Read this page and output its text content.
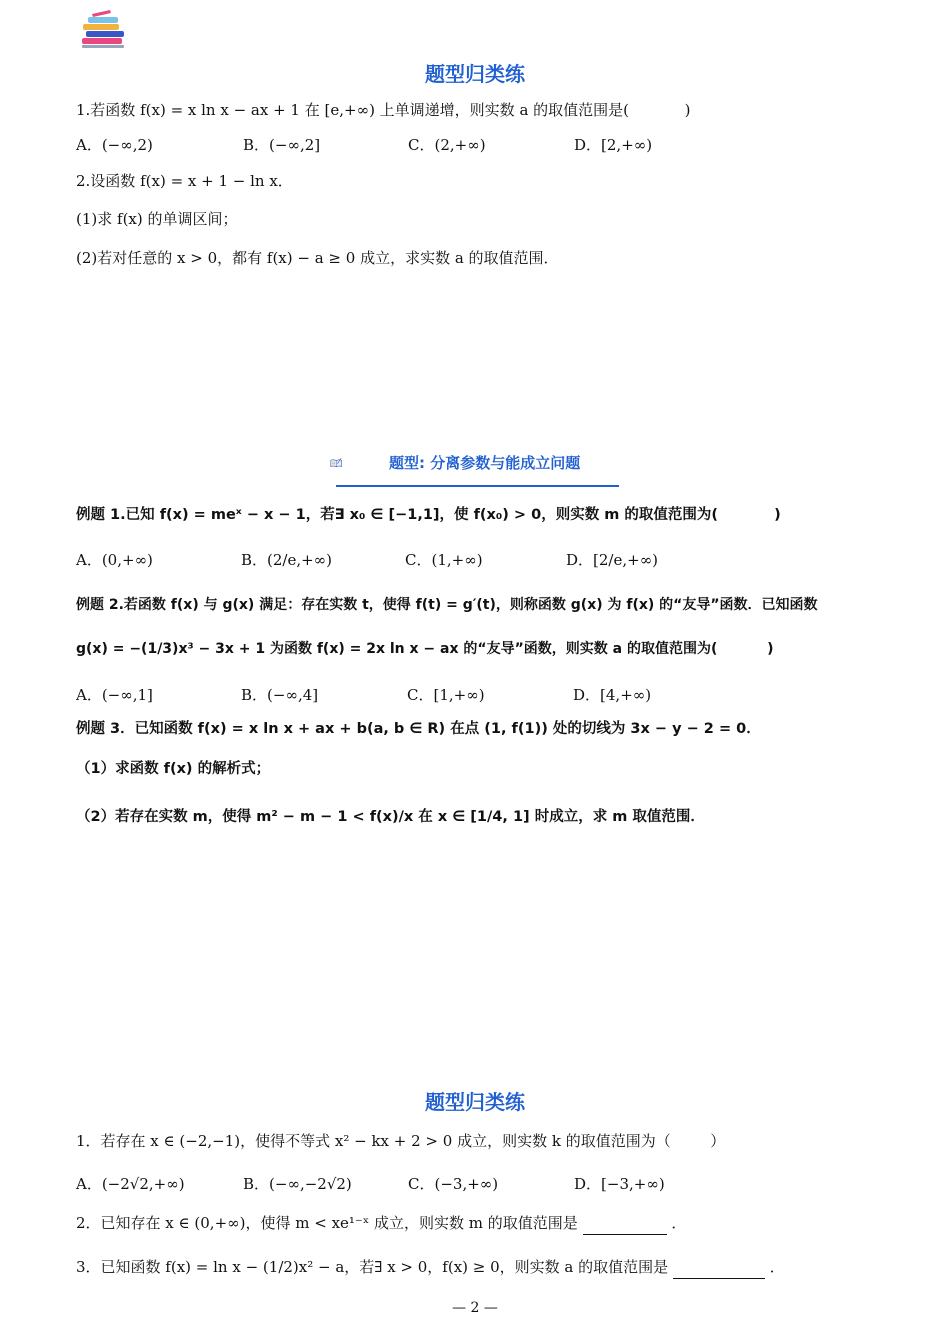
题型归类练
1.若函数 f(x) = x ln x − ax + 1 在 [e,+∞) 上单调递增，则实数 a 的取值范围是(	)
A．(−∞,2)	B．(−∞,2]	C．(2,+∞)	D．[2,+∞)
2.设函数 f(x) = x + 1 − ln x．
(1)求 f(x) 的单调区间；
(2)若对任意的 x > 0，都有 f(x) − a ≥ 0 成立，求实数 a 的取值范围．
题型: 分离参数与能成立问题
例题 1.已知 f(x) = meˣ − x − 1，若∃ x₀ ∈ [−1,1]，使 f(x₀) > 0，则实数 m 的取值范围为(	)
A．(0,+∞)	B．(2/e,+∞)	C．(1,+∞)	D．[2/e,+∞)
例题 2.若函数 f(x) 与 g(x) 满足：存在实数 t，使得 f(t) = g′(t)，则称函数 g(x) 为 f(x) 的“友导”函数．已知函数
g(x) = −(1/3)x³ − 3x + 1 为函数 f(x) = 2x ln x − ax 的“友导”函数，则实数 a 的取值范围为(	)
A．(−∞,1]	B．(−∞,4]	C．[1,+∞)	D．[4,+∞)
例题 3．已知函数 f(x) = x ln x + ax + b(a, b ∈ R) 在点 (1, f(1)) 处的切线为 3x − y − 2 = 0．
（1）求函数 f(x) 的解析式；
（2）若存在实数 m，使得 m² − m − 1 < f(x)/x 在 x ∈ [1/4, 1] 时成立，求 m 取值范围．
题型归类练
1．若存在 x ∈ (−2,−1)，使得不等式 x² − kx + 2 > 0 成立，则实数 k 的取值范围为（	）
A．(−2√2,+∞)	B．(−∞,−2√2)	C．(−3,+∞)	D．[−3,+∞)
2．已知存在 x ∈ (0,+∞)，使得 m < xe¹⁻ˣ 成立，则实数 m 的取值范围是	．
3．已知函数 f(x) = ln x − (1/2)x² − a，若∃ x > 0，f(x) ≥ 0，则实数 a 的取值范围是	．
— 2 —
